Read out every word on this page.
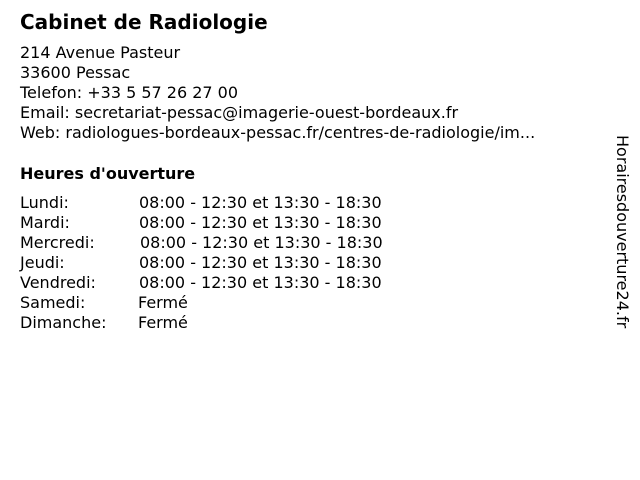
Cabinet de Radiologie
214 Avenue Pasteur
33600 Pessac
Telefon: +33 5 57 26 27 00
Email: secretariat-pessac@imagerie-ouest-bordeaux.fr
Web: radiologues-bordeaux-pessac.fr/centres-de-radiologie/im...
Heures d'ouverture
Lundi:	08:00 - 12:30 et 13:30 - 18:30
Mardi:	08:00 - 12:30 et 13:30 - 18:30
Mercredi:	08:00 - 12:30 et 13:30 - 18:30
Jeudi:	08:00 - 12:30 et 13:30 - 18:30
Vendredi:	08:00 - 12:30 et 13:30 - 18:30
Samedi:	Fermé
Dimanche: Fermé	Horairesdouverture24.fr
